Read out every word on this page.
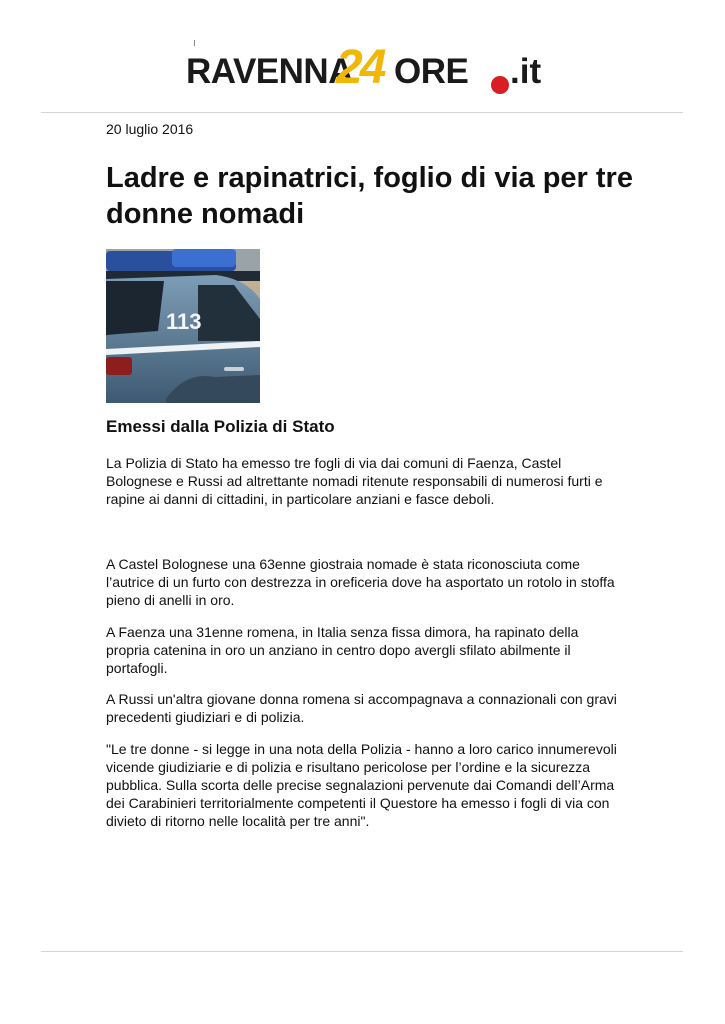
RAVENNA
24 ORE .it
20 luglio 2016
Ladre e rapinatrici, foglio di via per tre donne nomadi
113
Emessi dalla Polizia di Stato

La Polizia di Stato ha emesso tre fogli di via dai comuni di Faenza, Castel Bolognese e Russi ad altrettante nomadi ritenute responsabili di numerosi furti e rapine ai danni di cittadini, in particolare anziani e fasce deboli.

A Castel Bolognese una 63enne giostraia nomade è stata riconosciuta come l’autrice di un furto con destrezza in oreficeria dove ha asportato un rotolo in stoffa pieno di anelli in oro.

A Faenza una 31enne romena, in Italia senza fissa dimora, ha rapinato della propria catenina in oro un anziano in centro dopo avergli sfilato abilmente il portafogli.

A Russi un'altra giovane donna romena si accompagnava a connazionali con gravi precedenti giudiziari e di polizia.

"Le tre donne - si legge in una nota della Polizia - hanno a loro carico innumerevoli vicende giudiziarie e di polizia e risultano pericolose per l’ordine e la sicurezza pubblica. Sulla scorta delle precise segnalazioni pervenute dai Comandi dell’Arma dei Carabinieri territorialmente competenti il Questore ha emesso i fogli di via con divieto di ritorno nelle località per tre anni".
